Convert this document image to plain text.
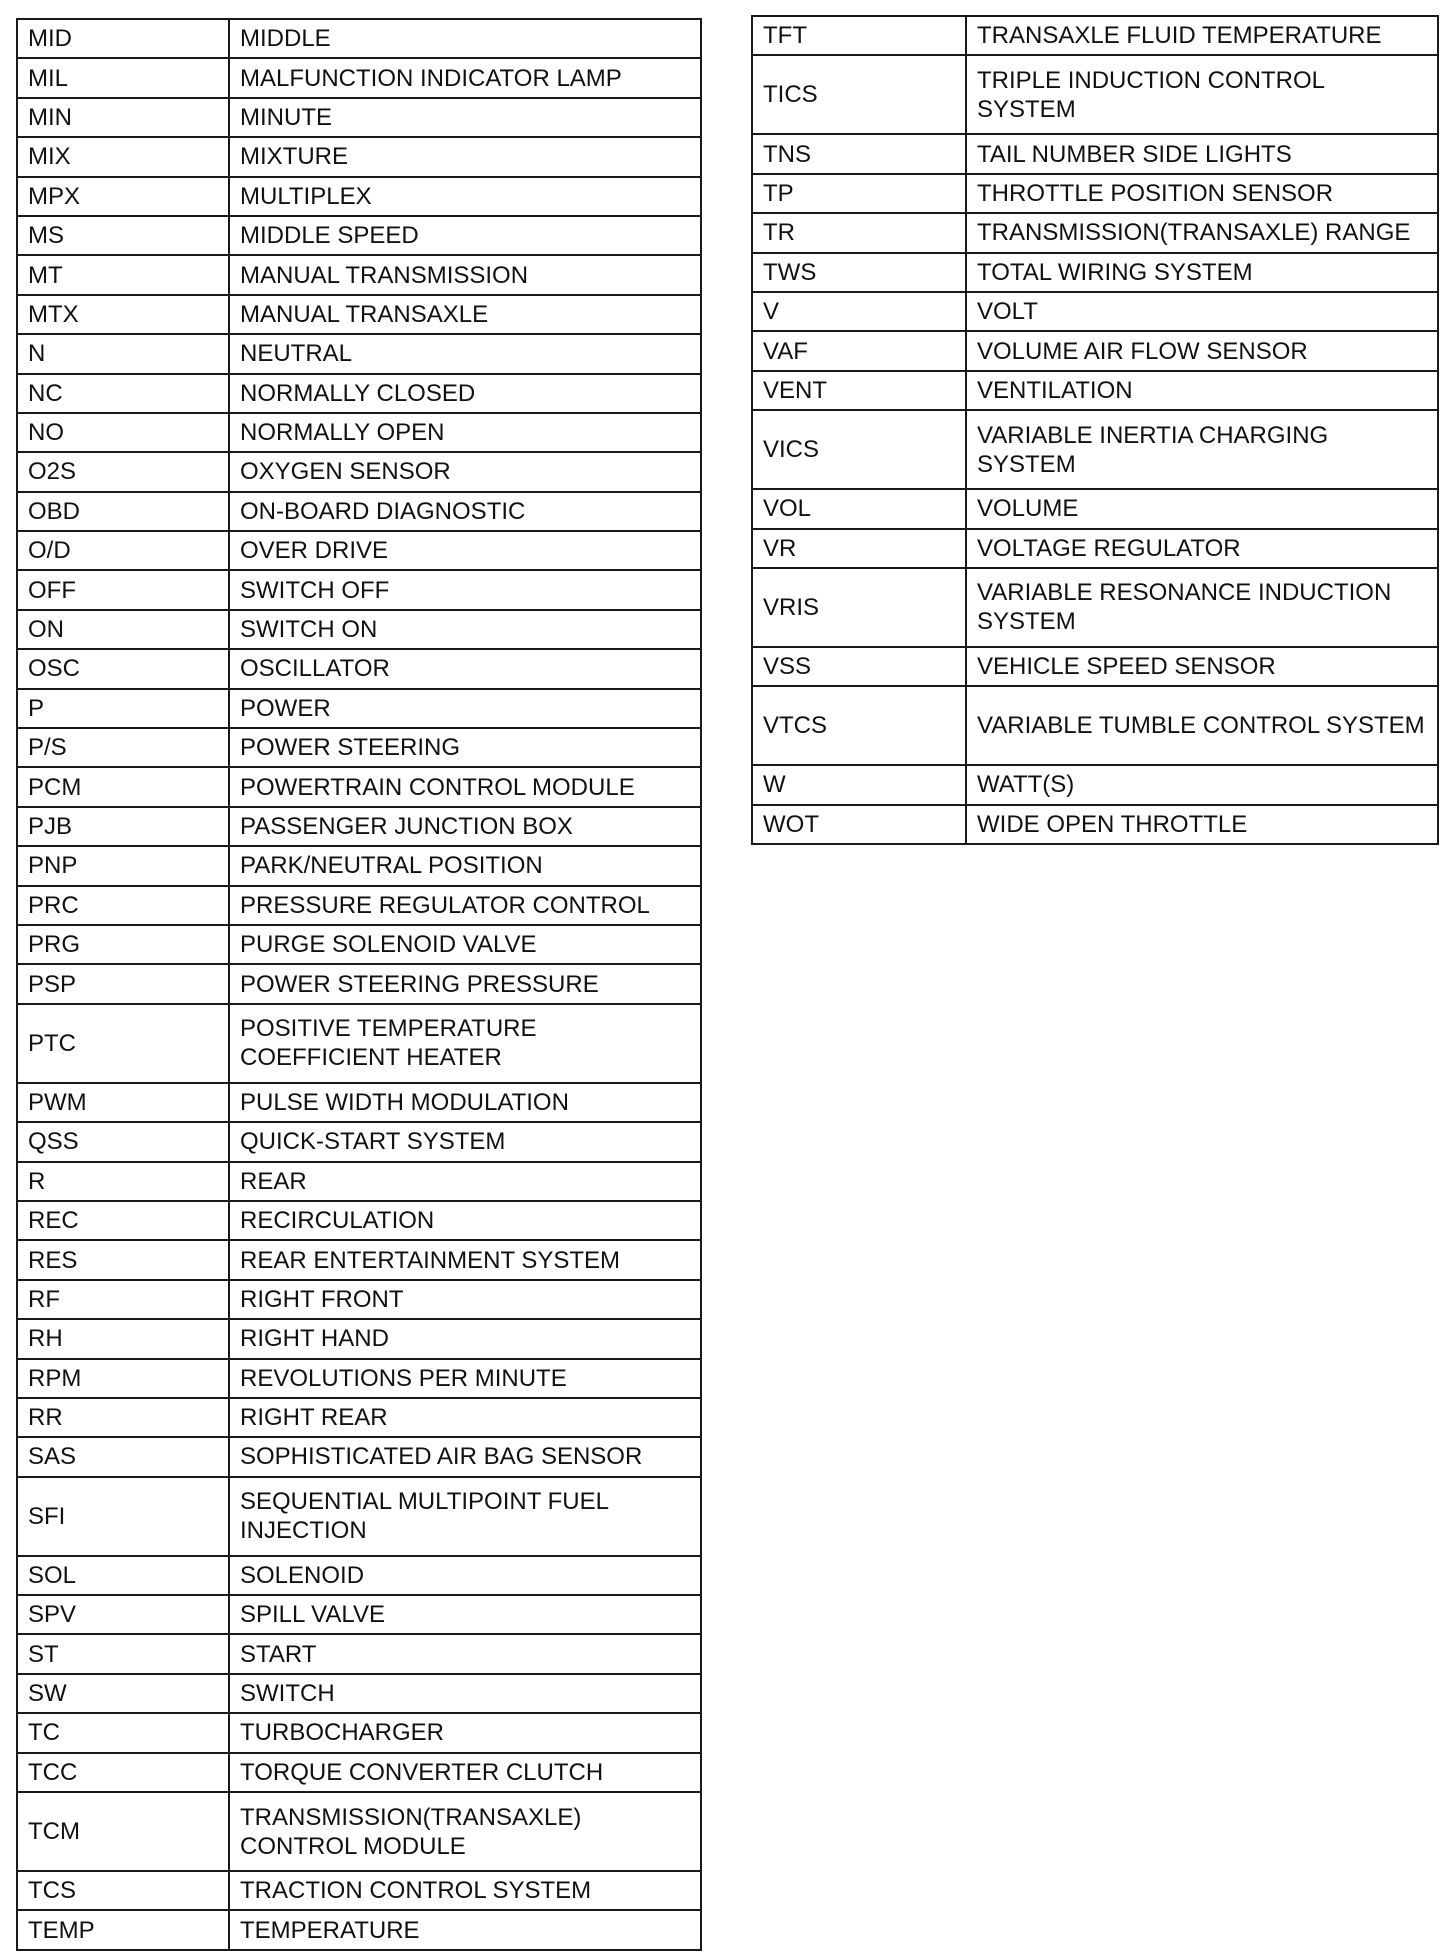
MID	MIDDLE
MIL	MALFUNCTION INDICATOR LAMP
MIN	MINUTE
MIX	MIXTURE
MPX	MULTIPLEX
MS	MIDDLE SPEED
MT	MANUAL TRANSMISSION
MTX	MANUAL TRANSAXLE
N	NEUTRAL
NC	NORMALLY CLOSED
NO	NORMALLY OPEN
O2S	OXYGEN SENSOR
OBD	ON-BOARD DIAGNOSTIC
O/D	OVER DRIVE
OFF	SWITCH OFF
ON	SWITCH ON
OSC	OSCILLATOR
P	POWER
P/S	POWER STEERING
PCM	POWERTRAIN CONTROL MODULE
PJB	PASSENGER JUNCTION BOX
PNP	PARK/NEUTRAL POSITION
PRC	PRESSURE REGULATOR CONTROL
PRG	PURGE SOLENOID VALVE
PSP	POWER STEERING PRESSURE
PTC	POSITIVE TEMPERATURE COEFFICIENT HEATER
PWM	PULSE WIDTH MODULATION
QSS	QUICK-START SYSTEM
R	REAR
REC	RECIRCULATION
RES	REAR ENTERTAINMENT SYSTEM
RF	RIGHT FRONT
RH	RIGHT HAND
RPM	REVOLUTIONS PER MINUTE
RR	RIGHT REAR
SAS	SOPHISTICATED AIR BAG SENSOR
SFI	SEQUENTIAL MULTIPOINT FUEL INJECTION
SOL	SOLENOID
SPV	SPILL VALVE
ST	START
SW	SWITCH
TC	TURBOCHARGER
TCC	TORQUE CONVERTER CLUTCH
TCM	TRANSMISSION(TRANSAXLE) CONTROL MODULE
TCS	TRACTION CONTROL SYSTEM
TEMP	TEMPERATURE
TFT	TRANSAXLE FLUID TEMPERATURE
TICS	TRIPLE INDUCTION CONTROL SYSTEM
TNS	TAIL NUMBER SIDE LIGHTS
TP	THROTTLE POSITION SENSOR
TR	TRANSMISSION(TRANSAXLE) RANGE
TWS	TOTAL WIRING SYSTEM
V	VOLT
VAF	VOLUME AIR FLOW SENSOR
VENT	VENTILATION
VICS	VARIABLE INERTIA CHARGING SYSTEM
VOL	VOLUME
VR	VOLTAGE REGULATOR
VRIS	VARIABLE RESONANCE INDUCTION SYSTEM
VSS	VEHICLE SPEED SENSOR
VTCS	VARIABLE TUMBLE CONTROL SYSTEM
W	WATT(S)
WOT	WIDE OPEN THROTTLE
